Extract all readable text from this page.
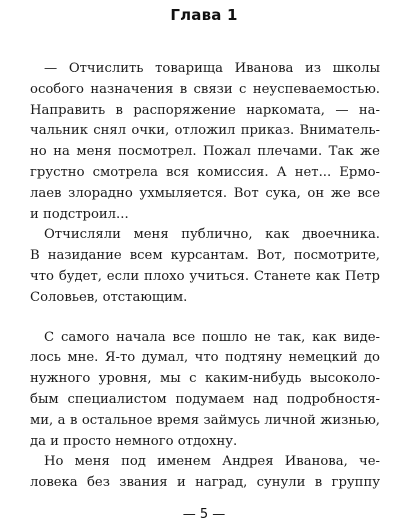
Глава 1
— Отчислить товарища Иванова из школы
особого назначения в связи с неуспеваемостью.
Направить в распоряжение наркомата, — на-
чальник снял очки, отложил приказ. Вниматель-
но на меня посмотрел. Пожал плечами. Так же
грустно смотрела вся комиссия. А нет... Ермо-
лаев злорадно ухмыляется. Вот сука, он же все
и подстроил...
Отчисляли меня публично, как двоечника.
В назидание всем курсантам. Вот, посмотрите,
что будет, если плохо учиться. Станете как Петр
Соловьев, отстающим.
С самого начала все пошло не так, как виде-
лось мне. Я-то думал, что подтяну немецкий до
нужного уровня, мы с каким-нибудь высоколо-
бым специалистом подумаем над подробностя-
ми, а в остальное время займусь личной жизнью,
да и просто немного отдохну.
Но меня под именем Андрея Иванова, че-
ловека без звания и наград, сунули в группу
— 5 —
